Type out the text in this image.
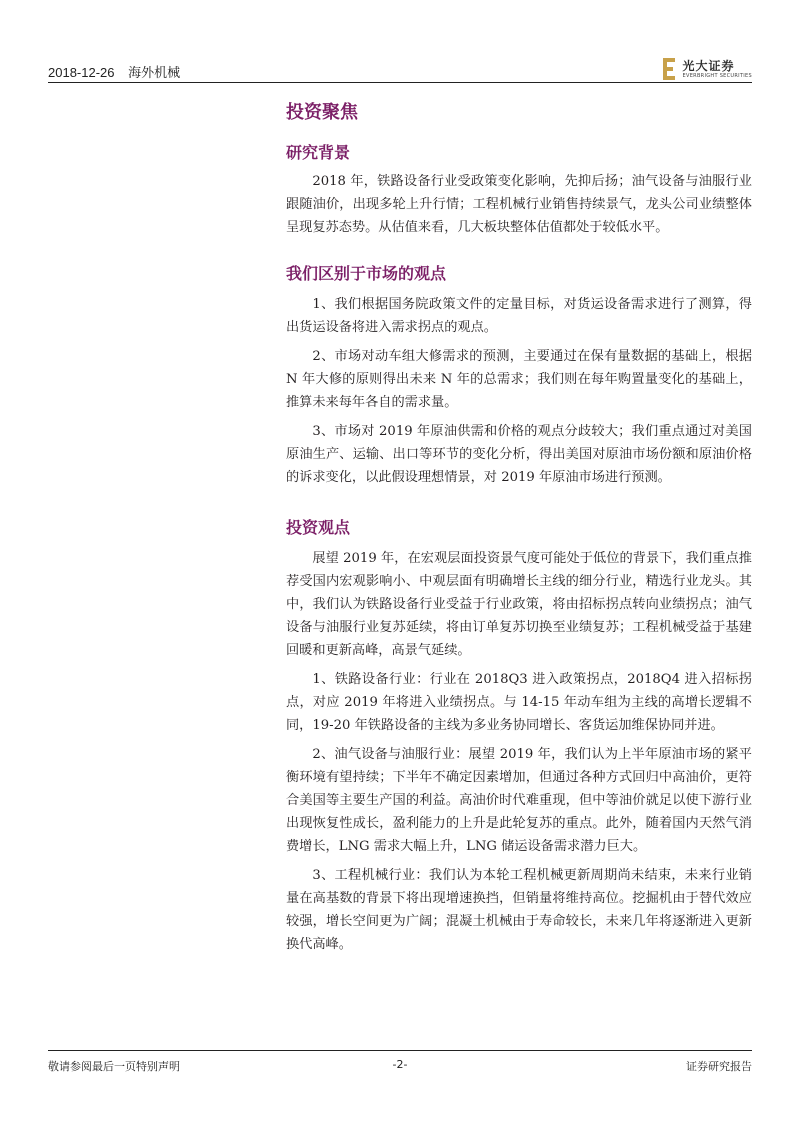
2018-12-26 海外机械	光大证券
EVERBRIGHT SECURITIES
投资聚焦
研究背景

2018 年，铁路设备行业受政策变化影响，先抑后扬；油气设备与油服行业跟随油价，出现多轮上升行情；工程机械行业销售持续景气，龙头公司业绩整体呈现复苏态势。从估值来看，几大板块整体估值都处于较低水平。

我们区别于市场的观点

1、我们根据国务院政策文件的定量目标，对货运设备需求进行了测算，得出货运设备将进入需求拐点的观点。

2、市场对动车组大修需求的预测，主要通过在保有量数据的基础上，根据 N 年大修的原则得出未来 N 年的总需求；我们则在每年购置量变化的基础上，推算未来每年各自的需求量。

3、市场对 2019 年原油供需和价格的观点分歧较大；我们重点通过对美国原油生产、运输、出口等环节的变化分析，得出美国对原油市场份额和原油价格的诉求变化，以此假设理想情景，对 2019 年原油市场进行预测。

投资观点

展望 2019 年，在宏观层面投资景气度可能处于低位的背景下，我们重点推荐受国内宏观影响小、中观层面有明确增长主线的细分行业，精选行业龙头。其中，我们认为铁路设备行业受益于行业政策，将由招标拐点转向业绩拐点；油气设备与油服行业复苏延续，将由订单复苏切换至业绩复苏；工程机械受益于基建回暖和更新高峰，高景气延续。

1、铁路设备行业：行业在 2018Q3 进入政策拐点，2018Q4 进入招标拐点，对应 2019 年将进入业绩拐点。与 14-15 年动车组为主线的高增长逻辑不同，19-20 年铁路设备的主线为多业务协同增长、客货运加维保协同并进。

2、油气设备与油服行业：展望 2019 年，我们认为上半年原油市场的紧平衡环境有望持续；下半年不确定因素增加，但通过各种方式回归中高油价，更符合美国等主要生产国的利益。高油价时代难重现，但中等油价就足以使下游行业出现恢复性成长，盈利能力的上升是此轮复苏的重点。此外，随着国内天然气消费增长，LNG 需求大幅上升，LNG 储运设备需求潜力巨大。

3、工程机械行业：我们认为本轮工程机械更新周期尚未结束，未来行业销量在高基数的背景下将出现增速换挡，但销量将维持高位。挖掘机由于替代效应较强，增长空间更为广阔；混凝土机械由于寿命较长，未来几年将逐渐进入更新换代高峰。

敬请参阅最后一页特别声明	-2-	证券研究报告
